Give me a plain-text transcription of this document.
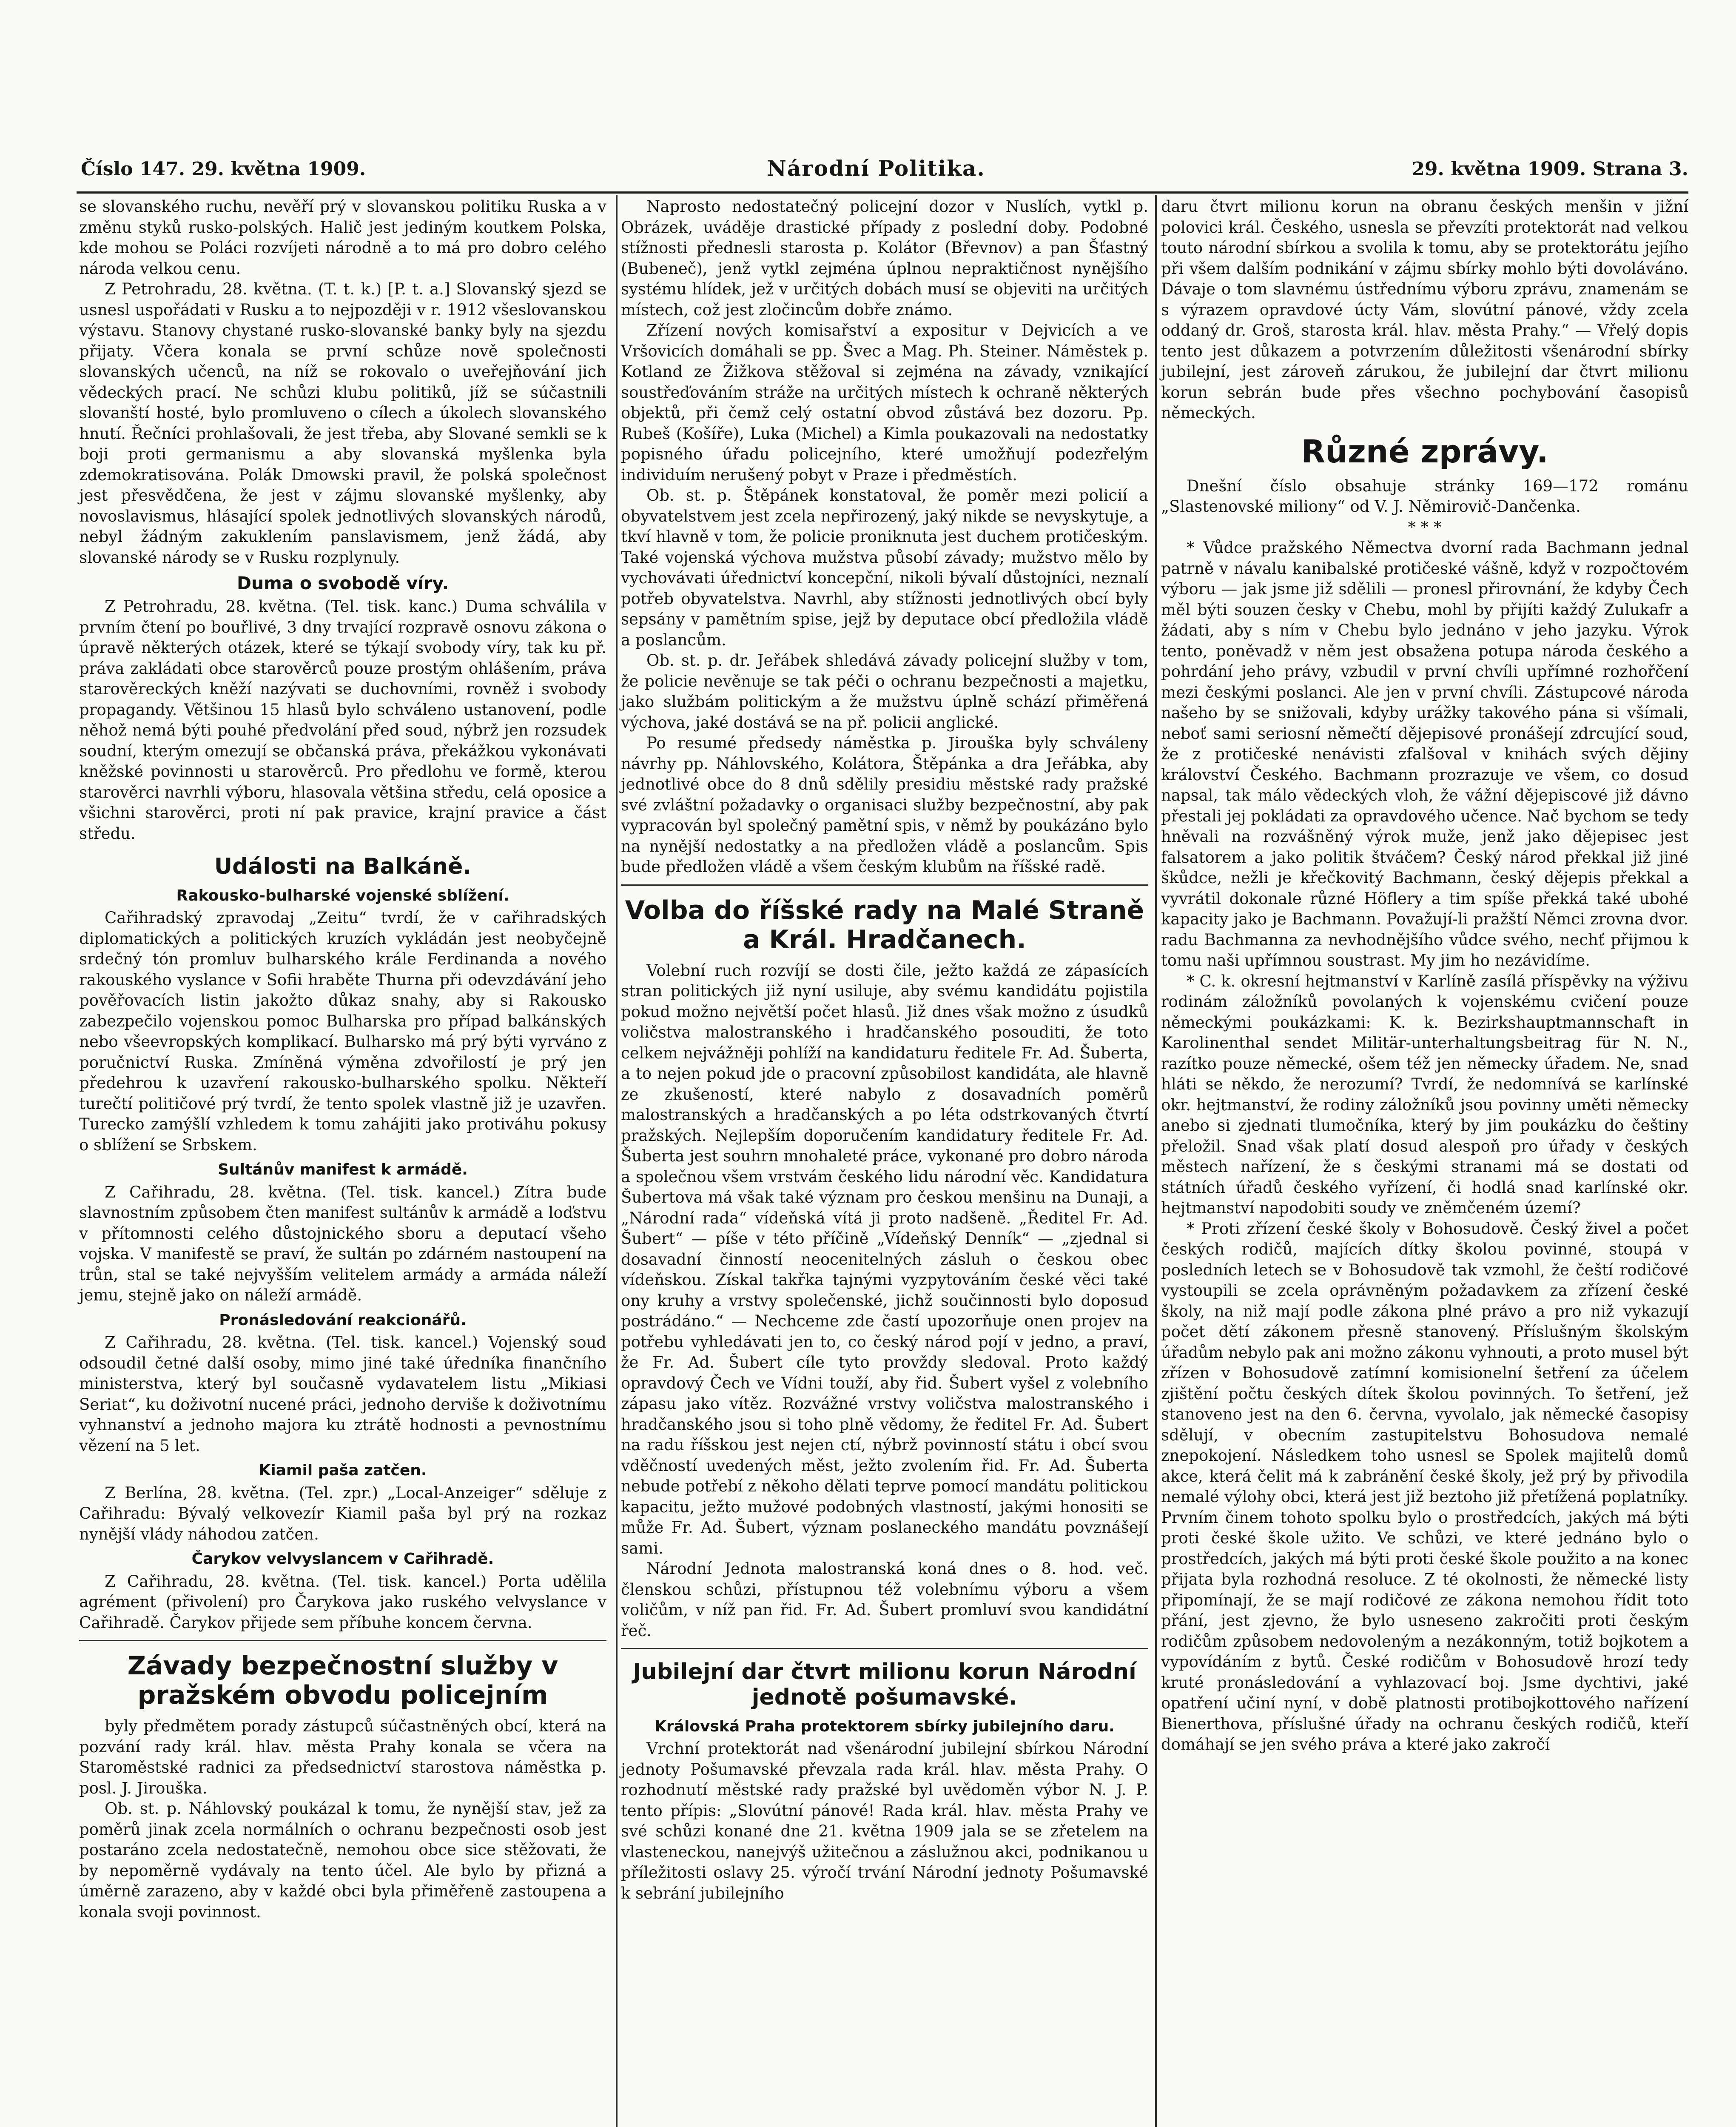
Číslo 147. 29. května 1909.	Národní Politika.	29. května 1909. Strana 3.

se slovanského ruchu, nevěří prý v slovanskou politiku Ruska a v změnu styků rusko-polských. Halič jest jediným koutkem Polska, kde mohou se Poláci rozvíjeti národně a to má pro dobro celého národa velkou cenu.

Z Petrohradu, 28. května. (T. t. k.) [P. t. a.] Slovanský sjezd se usnesl uspořádati v Rusku a to nejpozději v r. 1912 všeslovanskou výstavu. Stanovy chystané rusko-slovanské banky byly na sjezdu přijaty. Včera konala se první schůze nově společnosti slovanských učenců, na níž se rokovalo o uveřejňování jich vědeckých prací. Ne schůzi klubu politiků, jíž se súčastnili slovanští hosté, bylo promluveno o cílech a úkolech slovanského hnutí. Řečníci prohlašovali, že jest třeba, aby Slované semkli se k boji proti germanismu a aby slovanská myšlenka byla zdemokratisována. Polák Dmowski pravil, že polská společnost jest přesvědčena, že jest v zájmu slovanské myšlenky, aby novoslavismus, hlásající spolek jednotlivých slovanských národů, nebyl žádným zakuklením panslavismem, jenž žádá, aby slovanské národy se v Rusku rozplynuly.

Duma o svobodě víry.

Z Petrohradu, 28. května. (Tel. tisk. kanc.) Duma schválila v prvním čtení po bouřlivé, 3 dny trvající rozpravě osnovu zákona o úpravě některých otázek, které se týkají svobody víry, tak ku př. práva zakládati obce starověrců pouze prostým ohlášením, práva starověreckých kněží nazývati se duchovními, rovněž i svobody propagandy. Většinou 15 hlasů bylo schváleno ustanovení, podle něhož nemá býti pouhé předvolání před soud, nýbrž jen rozsudek soudní, kterým omezují se občanská práva, překážkou vykonávati kněžské povinnosti u starověrců. Pro předlohu ve formě, kterou starověrci navrhli výboru, hlasovala většina středu, celá oposice a všichni starověrci, proti ní pak pravice, krajní pravice a část středu.

Události na Balkáně.
Rakousko-bulharské vojenské sblížení.

Cařihradský zpravodaj „Zeitu“ tvrdí, že v cařihradských diplomatických a politických kruzích vykládán jest neobyčejně srdečný tón promluv bulharského krále Ferdinanda a nového rakouského vyslance v Sofii hraběte Thurna při odevzdávání jeho pověřovacích listin jakožto důkaz snahy, aby si Rakousko zabezpečilo vojenskou pomoc Bulharska pro případ balkánských nebo všeevropských komplikací. Bulharsko má prý býti vyrváno z poručnictví Ruska. Zmíněná výměna zdvořilostí je prý jen předehrou k uzavření rakousko-bulharského spolku. Někteří turečtí političové prý tvrdí, že tento spolek vlastně již je uzavřen. Turecko zamýšlí vzhledem k tomu zahájiti jako protiváhu pokusy o sblížení se Srbskem.

Sultánův manifest k armádě.

Z Cařihradu, 28. května. (Tel. tisk. kancel.) Zítra bude slavnostním způsobem čten manifest sultánův k armádě a loďstvu v přítomnosti celého důstojnického sboru a deputací všeho vojska. V manifestě se praví, že sultán po zdárném nastoupení na trůn, stal se také nejvyšším velitelem armády a armáda náleží jemu, stejně jako on náleží armádě.

Pronásledování reakcionářů.

Z Cařihradu, 28. května. (Tel. tisk. kancel.) Vojenský soud odsoudil četné další osoby, mimo jiné také úředníka finančního ministerstva, který byl současně vydavatelem listu „Mikiasi Seriat“, ku doživotní nucené práci, jednoho derviše k doživotnímu vyhnanství a jednoho majora ku ztrátě hodnosti a pevnostnímu vězení na 5 let.

Kiamil paša zatčen.

Z Berlína, 28. května. (Tel. zpr.) „Local-Anzeiger“ sděluje z Cařihradu: Bývalý velkovezír Kiamil paša byl prý na rozkaz nynější vlády náhodou zatčen.

Čarykov velvyslancem v Cařihradě.

Z Cařihradu, 28. května. (Tel. tisk. kancel.) Porta udělila agrément (přivolení) pro Čarykova jako ruského velvyslance v Cařihradě. Čarykov přijede sem příbuhe koncem června.

Závady bezpečnostní služby v pražském obvodu policejním

byly předmětem porady zástupců súčastněných obcí, která na pozvání rady král. hlav. města Prahy konala se včera na Staroměstské radnici za předsednictví starostova náměstka p. posl. J. Jirouška.

Ob. st. p. Náhlovský poukázal k tomu, že nynější stav, jež za poměrů jinak zcela normálních o ochranu bezpečnosti osob jest postaráno zcela nedostatečně, nemohou obce sice stěžovati, že by nepoměrně vydávaly na tento účel. Ale bylo by přizná a úměrně zarazeno, aby v každé obci byla přiměřeně zastoupena a konala svoji povinnost.

Naprosto nedostatečný policejní dozor v Nuslích, vytkl p. Obrázek, uváděje drastické případy z poslední doby. Podobné stížnosti přednesli starosta p. Kolátor (Břevnov) a pan Šťastný (Bubeneč), jenž vytkl zejména úplnou nepraktičnost nynějšího systému hlídek, jež v určitých dobách musí se objeviti na určitých místech, což jest zločincům dobře známo.

Zřízení nových komisařství a expositur v Dejvicích a ve Vršovicích domáhali se pp. Švec a Mag. Ph. Steiner. Náměstek p. Kotland ze Žižkova stěžoval si zejména na závady, vznikající soustřeďováním stráže na určitých místech k ochraně některých objektů, při čemž celý ostatní obvod zůstává bez dozoru. Pp. Rubeš (Košíře), Luka (Michel) a Kimla poukazovali na nedostatky popisného úřadu policejního, které umožňují podezřelým individuím nerušený pobyt v Praze i předměstích.

Ob. st. p. Štěpánek konstatoval, že poměr mezi policií a obyvatelstvem jest zcela nepřirozený, jaký nikde se nevyskytuje, a tkví hlavně v tom, že policie proniknuta jest duchem protičeským. Také vojenská výchova mužstva působí závady; mužstvo mělo by vychovávati úřednictví koncepční, nikoli bývalí důstojníci, neznalí potřeb obyvatelstva. Navrhl, aby stížnosti jednotlivých obcí byly sepsány v pamětním spise, jejž by deputace obcí předložila vládě a poslancům.

Ob. st. p. dr. Jeřábek shledává závady policejní služby v tom, že policie nevěnuje se tak péči o ochranu bezpečnosti a majetku, jako službám politickým a že mužstvu úplně schází přiměřená výchova, jaké dostává se na př. policii anglické.

Po resumé předsedy náměstka p. Jirouška byly schváleny návrhy pp. Náhlovského, Kolátora, Štěpánka a dra Jeřábka, aby jednotlivé obce do 8 dnů sdělily presidiu městské rady pražské své zvláštní požadavky o organisaci služby bezpečnostní, aby pak vypracován byl společný pamětní spis, v němž by poukázáno bylo na nynější nedostatky a na předložen vládě a poslancům. Spis bude předložen vládě a všem českým klubům na říšské radě.

Volba do říšské rady na Malé Straně a Král. Hradčanech.

Volební ruch rozvíjí se dosti čile, ježto každá ze zápasících stran politických již nyní usiluje, aby svému kandidátu pojistila pokud možno největší počet hlasů. Již dnes však možno z úsudků voličstva malostranského i hradčanského posouditi, že toto celkem nejvážněji pohlíží na kandidaturu ředitele Fr. Ad. Šuberta, a to nejen pokud jde o pracovní způsobilost kandidáta, ale hlavně ze zkušeností, které nabylo z dosavadních poměrů malostranských a hradčanských a po léta odstrkovaných čtvrtí pražských. Nejlepším doporučením kandidatury ředitele Fr. Ad. Šuberta jest souhrn mnohaleté práce, vykonané pro dobro národa a společnou všem vrstvám českého lidu národní věc. Kandidatura Šubertova má však také význam pro českou menšinu na Dunaji, a „Národní rada“ vídeňská vítá ji proto nadšeně. „Ředitel Fr. Ad. Šubert“ — píše v této příčině „Vídeňský Denník“ — „zjednal si dosavadní činností neocenitelných zásluh o českou obec vídeňskou. Získal takřka tajnými vyzpytováním české věci také ony kruhy a vrstvy společenské, jichž součinnosti bylo doposud postrádáno.“ — Nechceme zde častí upozorňuje onen projev na potřebu vyhledávati jen to, co český národ pojí v jedno, a praví, že Fr. Ad. Šubert cíle tyto provždy sledoval. Proto každý opravdový Čech ve Vídni touží, aby řid. Šubert vyšel z volebního zápasu jako vítěz. Rozvážné vrstvy voličstva malostranského i hradčanského jsou si toho plně vědomy, že ředitel Fr. Ad. Šubert na radu říšskou jest nejen ctí, nýbrž povinností státu i obcí svou vděčností uvedených měst, ježto zvolením řid. Fr. Ad. Šuberta nebude potřebí z někoho dělati teprve pomocí mandátu politickou kapacitu, ježto mužové podobných vlastností, jakými honositi se může Fr. Ad. Šubert, význam poslaneckého mandátu povznášejí sami.

Národní Jednota malostranská koná dnes o 8. hod. več. členskou schůzi, přístupnou též volebnímu výboru a všem voličům, v níž pan řid. Fr. Ad. Šubert promluví svou kandidátní řeč.

Jubilejní dar čtvrt milionu korun Národní jednotě pošumavské.
Královská Praha protektorem sbírky jubilejního daru.

Vrchní protektorát nad všenárodní jubilejní sbírkou Národní jednoty Pošumavské převzala rada král. hlav. města Prahy. O rozhodnutí městské rady pražské byl uvědoměn výbor N. J. P. tento přípis: „Slovútní pánové! Rada král. hlav. města Prahy ve své schůzi konané dne 21. května 1909 jala se se zřetelem na vlasteneckou, nanejvýš užitečnou a záslužnou akci, podnikanou u příležitosti oslavy 25. výročí trvání Národní jednoty Pošumavské k sebrání jubilejního

daru čtvrt milionu korun na obranu českých menšin v jižní polovici král. Českého, usnesla se převzíti protektorát nad velkou touto národní sbírkou a svolila k tomu, aby se protektorátu jejího při všem dalším podnikání v zájmu sbírky mohlo býti dovoláváno. Dávaje o tom slavnému ústřednímu výboru zprávu, znamenám se s výrazem opravdové úcty Vám, slovútní pánové, vždy zcela oddaný dr. Groš, starosta král. hlav. města Prahy.“ — Vřelý dopis tento jest důkazem a potvrzením důležitosti všenárodní sbírky jubilejní, jest zároveň zárukou, že jubilejní dar čtvrt milionu korun sebrán bude přes všechno pochybování časopisů německých.

Různé zprávy.

Dnešní číslo obsahuje stránky 169—172 románu „Slastenovské miliony“ od V. J. Němirovič-Dančenka.

* * *

* Vůdce pražského Němectva dvorní rada Bachmann jednal patrně v návalu kanibalské protičeské vášně, když v rozpočtovém výboru — jak jsme již sdělili — pronesl přirovnání, že kdyby Čech měl býti souzen česky v Chebu, mohl by přijíti každý Zulukafr a žádati, aby s ním v Chebu bylo jednáno v jeho jazyku. Výrok tento, poněvadž v něm jest obsažena potupa národa českého a pohrdání jeho právy, vzbudil v první chvíli upřímné rozhořčení mezi českými poslanci. Ale jen v první chvíli. Zástupcové národa našeho by se snižovali, kdyby urážky takového pána si všímali, neboť sami seriosní němečtí dějepisové pronášejí zdrcující soud, že z protičeské nenávisti zfalšoval v knihách svých dějiny království Českého. Bachmann prozrazuje ve všem, co dosud napsal, tak málo vědeckých vloh, že vážní dějepiscové již dávno přestali jej pokládati za opravdového učence. Nač bychom se tedy hněvali na rozvášněný výrok muže, jenž jako dějepisec jest falsatorem a jako politik štváčem? Český národ překkal již jiné škůdce, nežli je křečkovitý Bachmann, český dějepis překkal a vyvrátil dokonale různé Höflery a tim spíše překká také ubohé kapacity jako je Bachmann. Považují-li pražští Němci zrovna dvor. radu Bachmanna za nevhodnějšího vůdce svého, nechť přijmou k tomu naši upřímnou soustrast. My jim ho nezávidíme.

* C. k. okresní hejtmanství v Karlíně zasílá příspěvky na výživu rodinám záložníků povolaných k vojenskému cvičení pouze německými poukázkami: K. k. Bezirkshauptmannschaft in Karolinenthal sendet Militär-unterhaltungsbeitrag für N. N., razítko pouze německé, ošem též jen německy úřadem. Ne, snad hláti se někdo, že nerozumí? Tvrdí, že nedomnívá se karlínské okr. hejtmanství, že rodiny záložníků jsou povinny uměti německy anebo si zjednati tlumočníka, který by jim poukázku do češtiny přeložil. Snad však platí dosud alespoň pro úřady v českých městech nařízení, že s českými stranami má se dostati od státních úřadů českého vyřízení, či hodlá snad karlínské okr. hejtmanství napodobiti soudy ve zněmčeném území?

* Proti zřízení české školy v Bohosudově. Český živel a počet českých rodičů, majících dítky školou povinné, stoupá v posledních letech se v Bohosudově tak vzmohl, že čeští rodičové vystoupili se zcela oprávněným požadavkem za zřízení české školy, na niž mají podle zákona plné právo a pro niž vykazují počet dětí zákonem přesně stanovený. Příslušným školským úřadům nebylo pak ani možno zákonu vyhnouti, a proto musel být zřízen v Bohosudově zatímní komisionelní šetření za účelem zjištění počtu českých dítek školou povinných. To šetření, jež stanoveno jest na den 6. června, vyvolalo, jak německé časopisy sdělují, v obecním zastupitelstvu Bohosudova nemalé znepokojení. Následkem toho usnesl se Spolek majitelů domů akce, která čelit má k zabránění české školy, jež prý by přivodila nemalé výlohy obci, která jest již beztoho již přetížená poplatníky. Prvním činem tohoto spolku bylo o prostředcích, jakých má býti proti české škole užito. Ve schůzi, ve které jednáno bylo o prostředcích, jakých má býti proti české škole použito a na konec přijata byla rozhodná resoluce. Z té okolnosti, že německé listy připomínají, že se mají rodičové ze zákona nemohou řídit toto přání, jest zjevno, že bylo usneseno zakročiti proti českým rodičům způsobem nedovoleným a nezákonným, totiž bojkotem a vypovídáním z bytů. České rodičům v Bohosudově hrozí tedy kruté pronásledování a vyhlazovací boj. Jsme dychtivi, jaké opatření učiní nyní, v době platnosti protibojkottového nařízení Bienerthova, příslušné úřady na ochranu českých rodičů, kteří domáhají se jen svého práva a které jako zakročí
